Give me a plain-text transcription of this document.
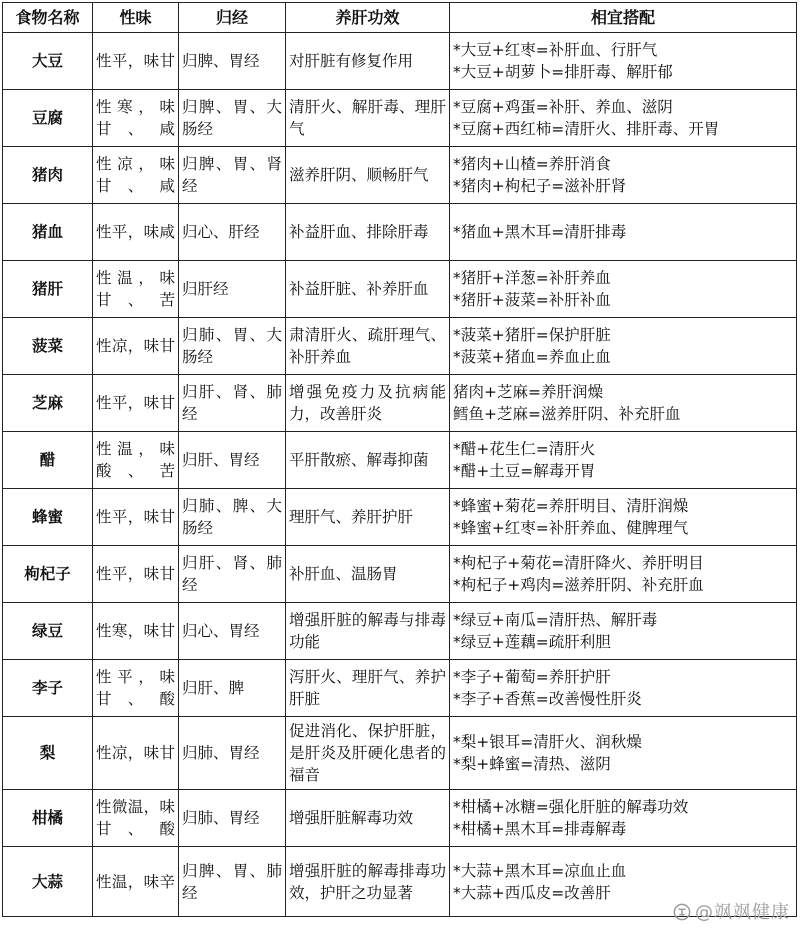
食物名称	性味	归经	养肝功效	相宜搭配
大豆	性平，味甘	归脾、胃经	对肝脏有修复作用	*大豆+红枣=补肝血、行肝气
*大豆+胡萝卜=排肝毒、解肝郁

豆腐	性寒，味甘、咸	归脾、胃、大肠经	清肝火、解肝毒、理肝气	*豆腐+鸡蛋=补肝、养血、滋阴
*豆腐+西红柿=清肝火、排肝毒、开胃

猪肉	性凉，味甘、咸	归脾、胃、肾经	滋养肝阴、顺畅肝气	*猪肉+山楂=养肝消食
*猪肉+枸杞子=滋补肝肾

猪血	性平，味咸	归心、肝经	补益肝血、排除肝毒	*猪血+黑木耳=清肝排毒

猪肝	性温，味甘、苦	归肝经	补益肝脏、补养肝血	*猪肝+洋葱=补肝养血
*猪肝+菠菜=补肝补血

菠菜	性凉，味甘	归肺、胃、大肠经	肃清肝火、疏肝理气、补肝养血	*菠菜+猪肝=保护肝脏
*菠菜+猪血=养血止血

芝麻	性平，味甘	归肝、肾、肺经	增强免疫力及抗病能力，改善肝炎	猪肉+芝麻=养肝润燥
鳕鱼+芝麻=滋养肝阴、补充肝血

醋	性温，味酸、苦	归肝、胃经	平肝散瘀、解毒抑菌	*醋+花生仁=清肝火
*醋+土豆=解毒开胃

蜂蜜	性平，味甘	归肺、脾、大肠经	理肝气、养肝护肝	*蜂蜜+菊花=养肝明目、清肝润燥
*蜂蜜+红枣=补肝养血、健脾理气

枸杞子	性平，味甘	归肝、肾、肺经	补肝血、温肠胃	*枸杞子+菊花=清肝降火、养肝明目
*枸杞子+鸡肉=滋养肝阴、补充肝血

绿豆	性寒，味甘	归心、胃经	增强肝脏的解毒与排毒功能	*绿豆+南瓜=清肝热、解肝毒
*绿豆+莲藕=疏肝利胆

李子	性平，味甘、酸	归肝、脾	泻肝火、理肝气、养护肝脏	*李子+葡萄=养肝护肝
*李子+香蕉=改善慢性肝炎

梨	性凉，味甘	归肺、胃经	促进消化、保护肝脏，是肝炎及肝硬化患者的福音	*梨+银耳=清肝火、润秋燥
*梨+蜂蜜=清热、滋阴

柑橘	性微温，味甘、酸	归肺、胃经	增强肝脏解毒功效	*柑橘+冰糖=强化肝脏的解毒功效
*柑橘+黑木耳=排毒解毒

大蒜	性温，味辛	归脾、胃、肺经	增强肝脏的解毒排毒功效，护肝之功显著	*大蒜+黑木耳=凉血止血
*大蒜+西瓜皮=改善肝
@飒飒健康
